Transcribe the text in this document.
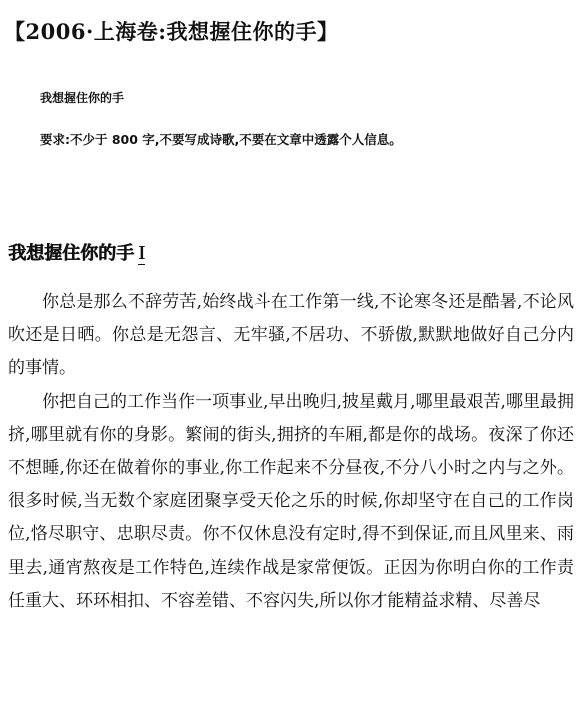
【2006·上海卷:我想握住你的手】
我想握住你的手
要求:不少于 800 字,不要写成诗歌,不要在文章中透露个人信息。
我想握住你的手 Ⅰ

你总是那么不辞劳苦,始终战斗在工作第一线,不论寒冬还是酷暑,不论风吹还是日晒。你总是无怨言、无牢骚,不居功、不骄傲,默默地做好自己分内的事情。

你把自己的工作当作一项事业,早出晚归,披星戴月,哪里最艰苦,哪里最拥挤,哪里就有你的身影。繁闹的街头,拥挤的车厢,都是你的战场。夜深了你还不想睡,你还在做着你的事业,你工作起来不分昼夜,不分八小时之内与之外。很多时候,当无数个家庭团聚享受天伦之乐的时候,你却坚守在自己的工作岗位,恪尽职守、忠职尽责。你不仅休息没有定时,得不到保证,而且风里来、雨里去,通宵熬夜是工作特色,连续作战是家常便饭。正因为你明白你的工作责任重大、环环相扣、不容差错、不容闪失,所以你才能精益求精、尽善尽
